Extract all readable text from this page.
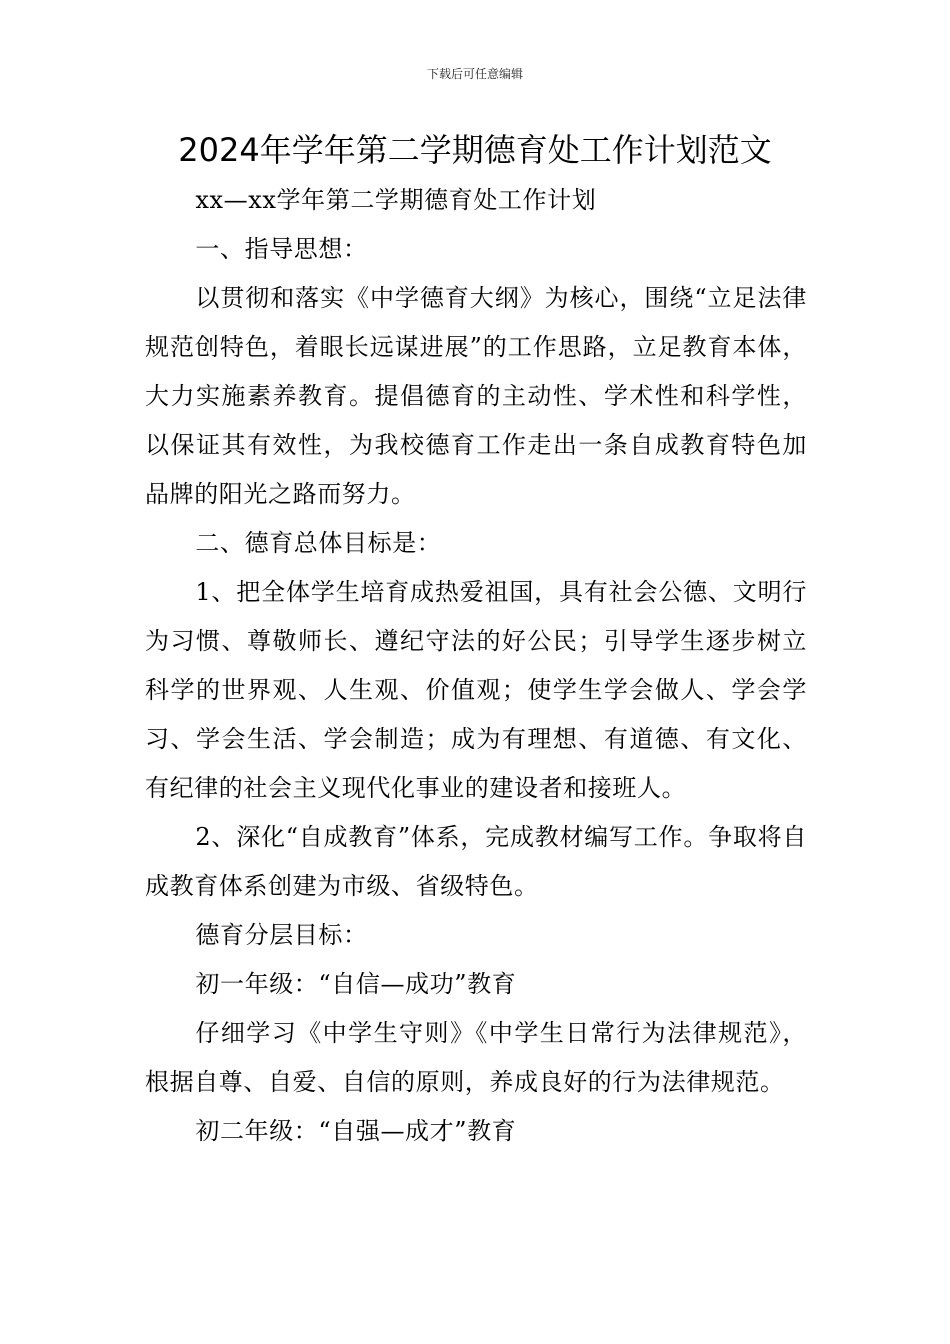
下载后可任意编辑
2024年学年第二学期德育处工作计划范文

xx—xx学年第二学期德育处工作计划

一、指导思想：

以贯彻和落实《中学德育大纲》为核心，围绕“立足法律规范创特色，着眼长远谋进展”的工作思路，立足教育本体，大力实施素养教育。提倡德育的主动性、学术性和科学性，以保证其有效性，为我校德育工作走出一条自成教育特色加品牌的阳光之路而努力。

二、德育总体目标是：

1、把全体学生培育成热爱祖国，具有社会公德、文明行为习惯、尊敬师长、遵纪守法的好公民；引导学生逐步树立科学的世界观、人生观、价值观；使学生学会做人、学会学习、学会生活、学会制造；成为有理想、有道德、有文化、有纪律的社会主义现代化事业的建设者和接班人。

2、深化“自成教育”体系，完成教材编写工作。争取将自成教育体系创建为市级、省级特色。

德育分层目标：

初一年级：“自信—成功”教育

仔细学习《中学生守则》《中学生日常行为法律规范》，根据自尊、自爱、自信的原则，养成良好的行为法律规范。

初二年级：“自强—成才”教育
